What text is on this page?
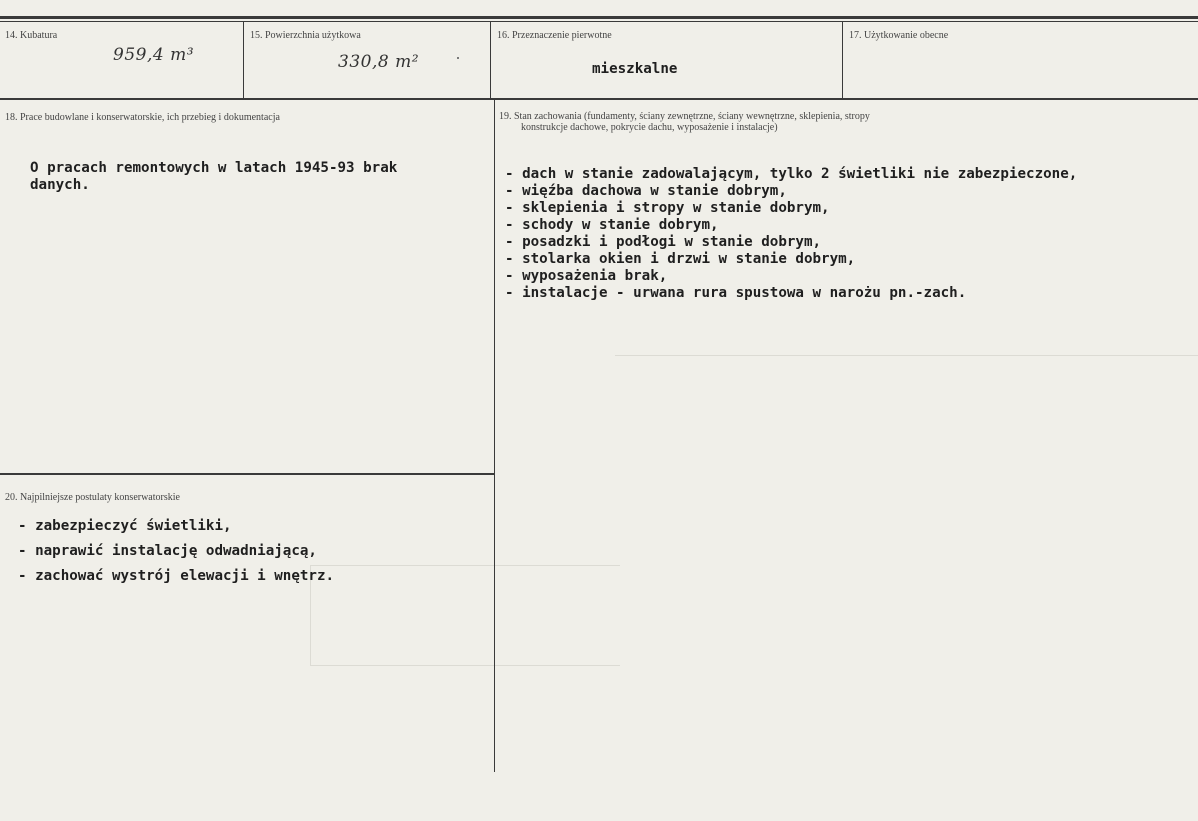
14. Kubatura
959,4 m³
15. Powierzchnia użytkowa
330,8 m²
16. Przeznaczenie pierwotne
mieszkalne
17. Użytkowanie obecne
18. Prace budowlane i konserwatorskie, ich przebieg i dokumentacja
O pracach remontowych w latach 1945-93 brak
danych.
19. Stan zachowania (fundamenty, ściany zewnętrzne, ściany wewnętrzne, sklepienia, stropy
konstrukcje dachowe, pokrycie dachu, wyposażenie i instalacje)
- dach w stanie zadowalającym, tylko 2 świetliki nie zabezpieczone,
- więźba dachowa w stanie dobrym,
- sklepienia i stropy w stanie dobrym,
- schody w stanie dobrym,
- posadzki i podłogi w stanie dobrym,
- stolarka okien i drzwi w stanie dobrym,
- wyposażenia brak,
- instalacje - urwana rura spustowa w narożu pn.-zach.
20. Najpilniejsze postulaty konserwatorskie
- zabezpieczyć świetliki,
- naprawić instalację odwadniającą,
- zachować wystrój elewacji i wnętrz.
